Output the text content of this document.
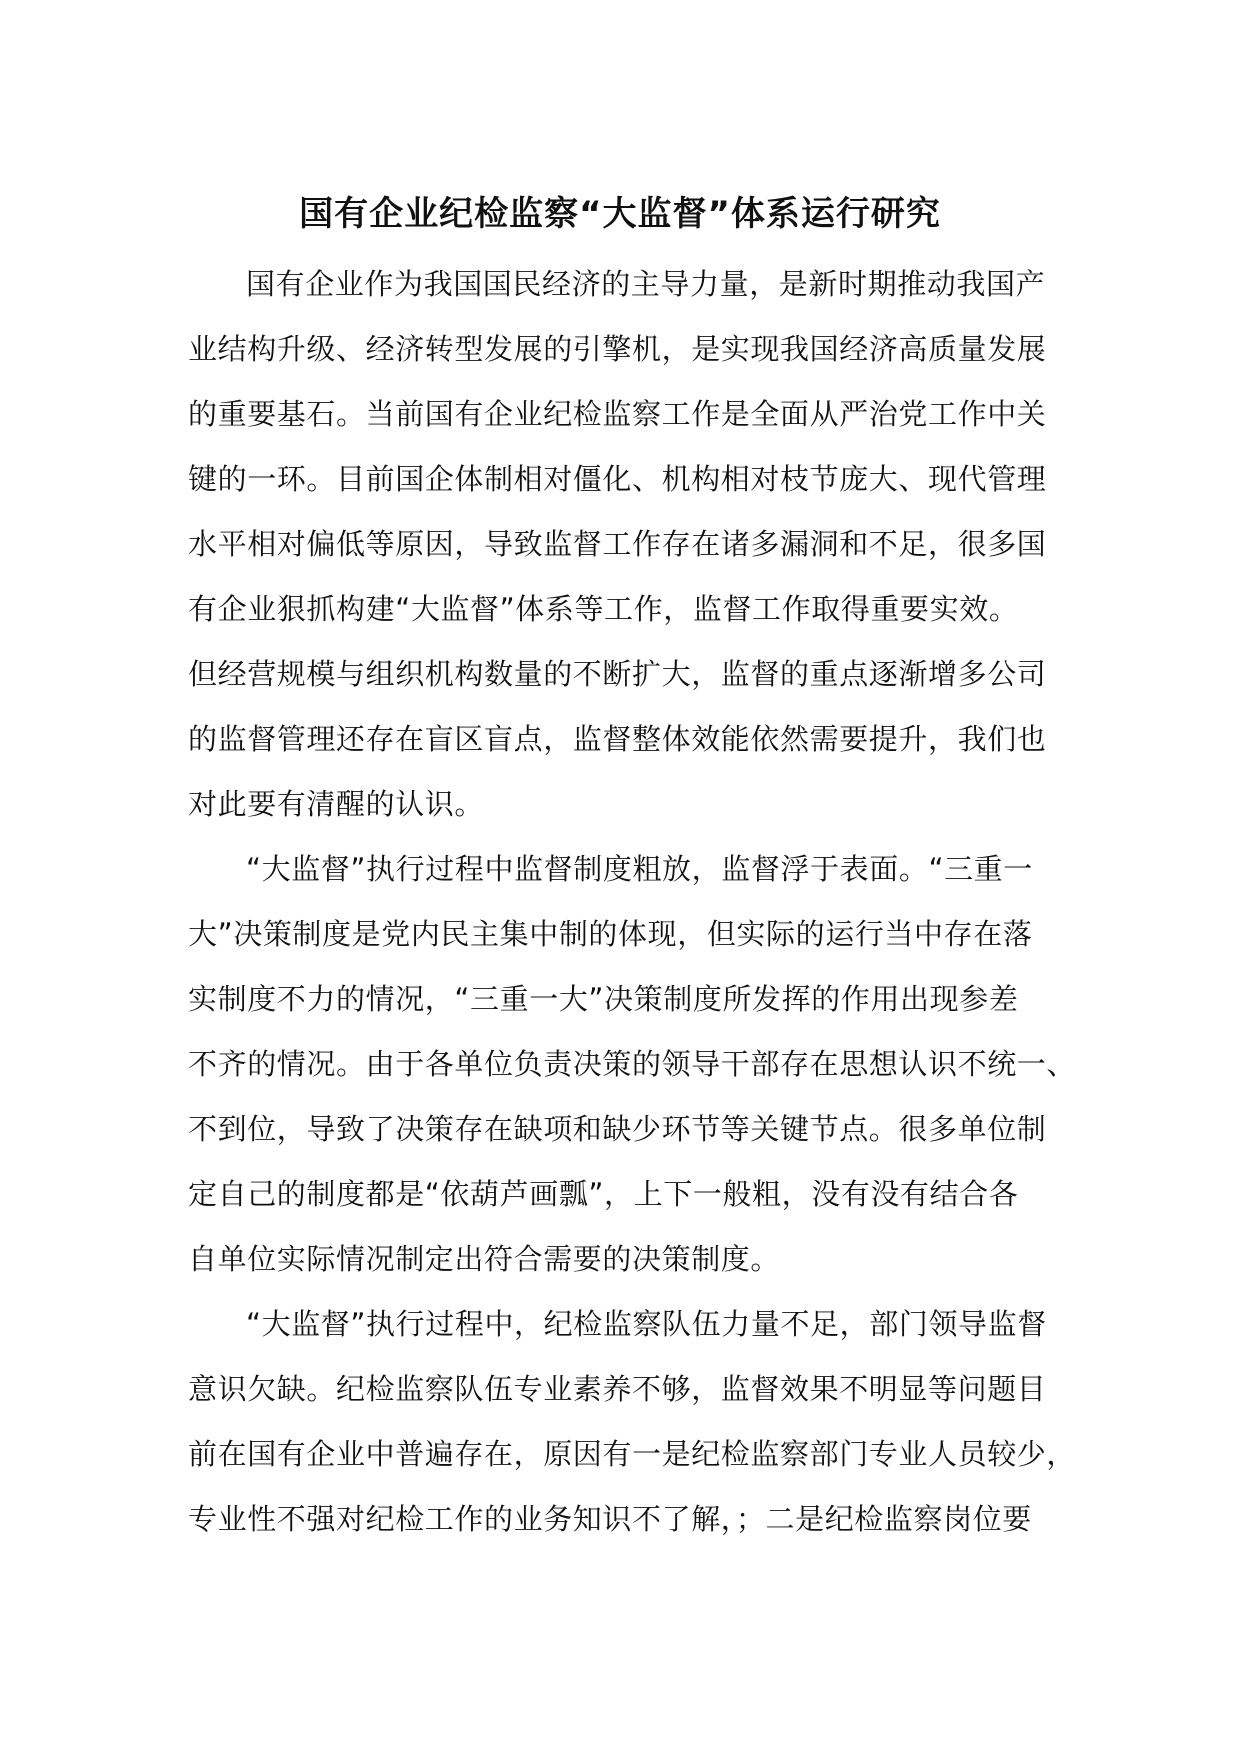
国有企业纪检监察“大监督”体系运行研究
国有企业作为我国国民经济的主导力量，是新时期推动我国产
业结构升级、经济转型发展的引擎机，是实现我国经济高质量发展
的重要基石。当前国有企业纪检监察工作是全面从严治党工作中关
键的一环。目前国企体制相对僵化、机构相对枝节庞大、现代管理
水平相对偏低等原因，导致监督工作存在诸多漏洞和不足，很多国
有企业狠抓构建“大监督”体系等工作，监督工作取得重要实效。
但经营规模与组织机构数量的不断扩大，监督的重点逐渐增多公司
的监督管理还存在盲区盲点，监督整体效能依然需要提升，我们也
对此要有清醒的认识。
“大监督”执行过程中监督制度粗放，监督浮于表面。“三重一
大”决策制度是党内民主集中制的体现，但实际的运行当中存在落
实制度不力的情况，“三重一大”决策制度所发挥的作用出现参差
不齐的情况。由于各单位负责决策的领导干部存在思想认识不统一、
不到位，导致了决策存在缺项和缺少环节等关键节点。很多单位制
定自己的制度都是“依葫芦画瓢”，上下一般粗，没有没有结合各
自单位实际情况制定出符合需要的决策制度。
“大监督”执行过程中，纪检监察队伍力量不足，部门领导监督
意识欠缺。纪检监察队伍专业素养不够，监督效果不明显等问题目
前在国有企业中普遍存在，原因有一是纪检监察部门专业人员较少，
专业性不强对纪检工作的业务知识不了解，；二是纪检监察岗位要
